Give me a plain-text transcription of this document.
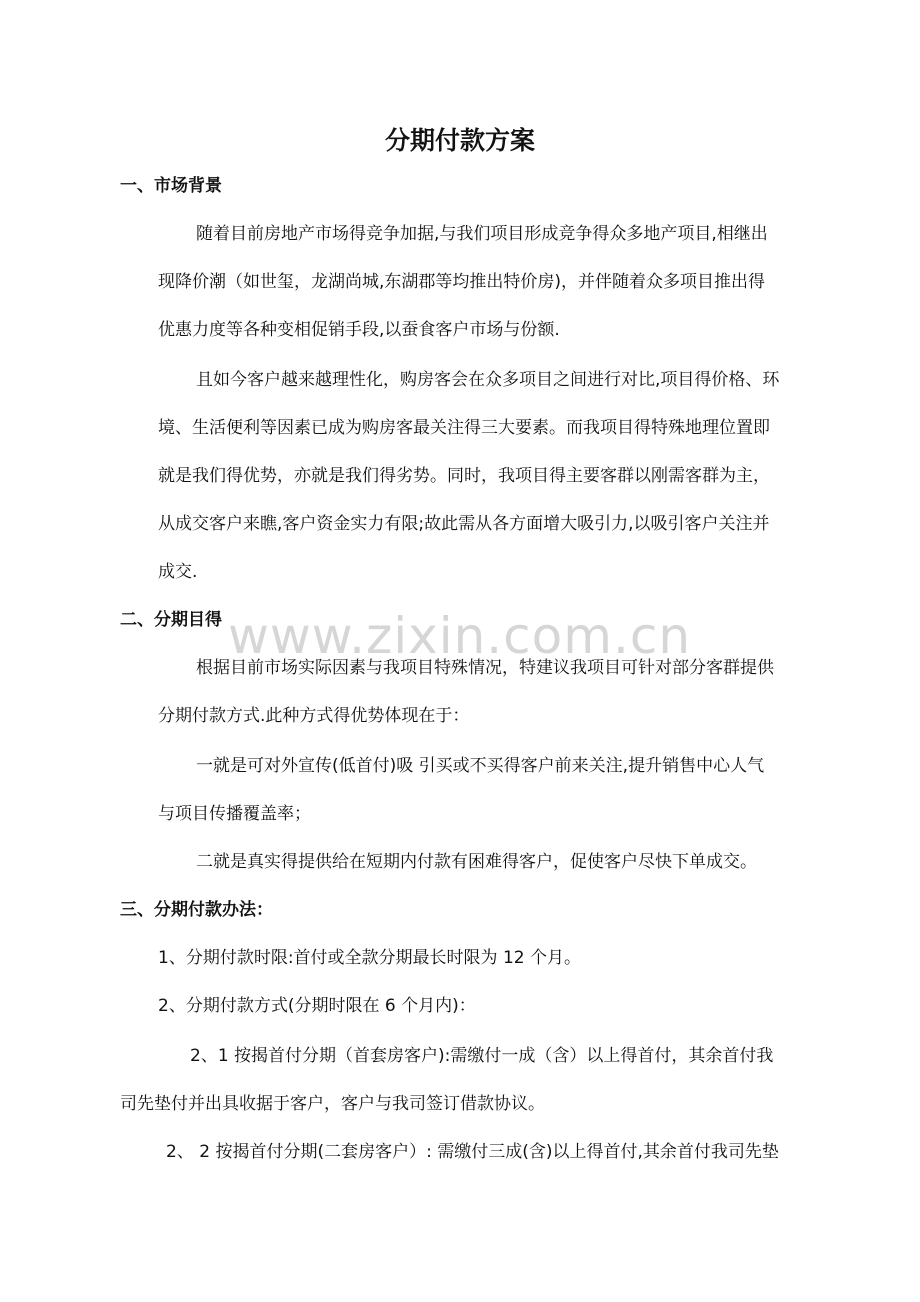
www.zixin.com.cn
分期付款方案
一、市场背景
随着目前房地产市场得竞争加据,与我们项目形成竞争得众多地产项目,相继出
现降价潮（如世玺，龙湖尚城,东湖郡等均推出特价房)，并伴随着众多项目推出得
优惠力度等各种变相促销手段,以蚕食客户市场与份额.
且如今客户越来越理性化，购房客会在众多项目之间进行对比,项目得价格、环
境、生活便利等因素已成为购房客最关注得三大要素。而我项目得特殊地理位置即
就是我们得优势，亦就是我们得劣势。同时，我项目得主要客群以刚需客群为主，
从成交客户来瞧,客户资金实力有限;故此需从各方面增大吸引力,以吸引客户关注并
成交.
二、分期目得
根据目前市场实际因素与我项目特殊情况，特建议我项目可针对部分客群提供
分期付款方式.此种方式得优势体现在于：
一就是可对外宣传(低首付)吸 引买或不买得客户前来关注,提升销售中心人气
与项目传播覆盖率；
二就是真实得提供给在短期内付款有困难得客户，促使客户尽快下单成交。
三、分期付款办法：
1、分期付款时限:首付或全款分期最长时限为 12 个月。
2、分期付款方式(分期时限在 6 个月内)：
2、1 按揭首付分期（首套房客户):需缴付一成（含）以上得首付，其余首付我
司先垫付并出具收据于客户，客户与我司签订借款协议。
2、 2 按揭首付分期(二套房客户）: 需缴付三成(含)以上得首付,其余首付我司先垫
